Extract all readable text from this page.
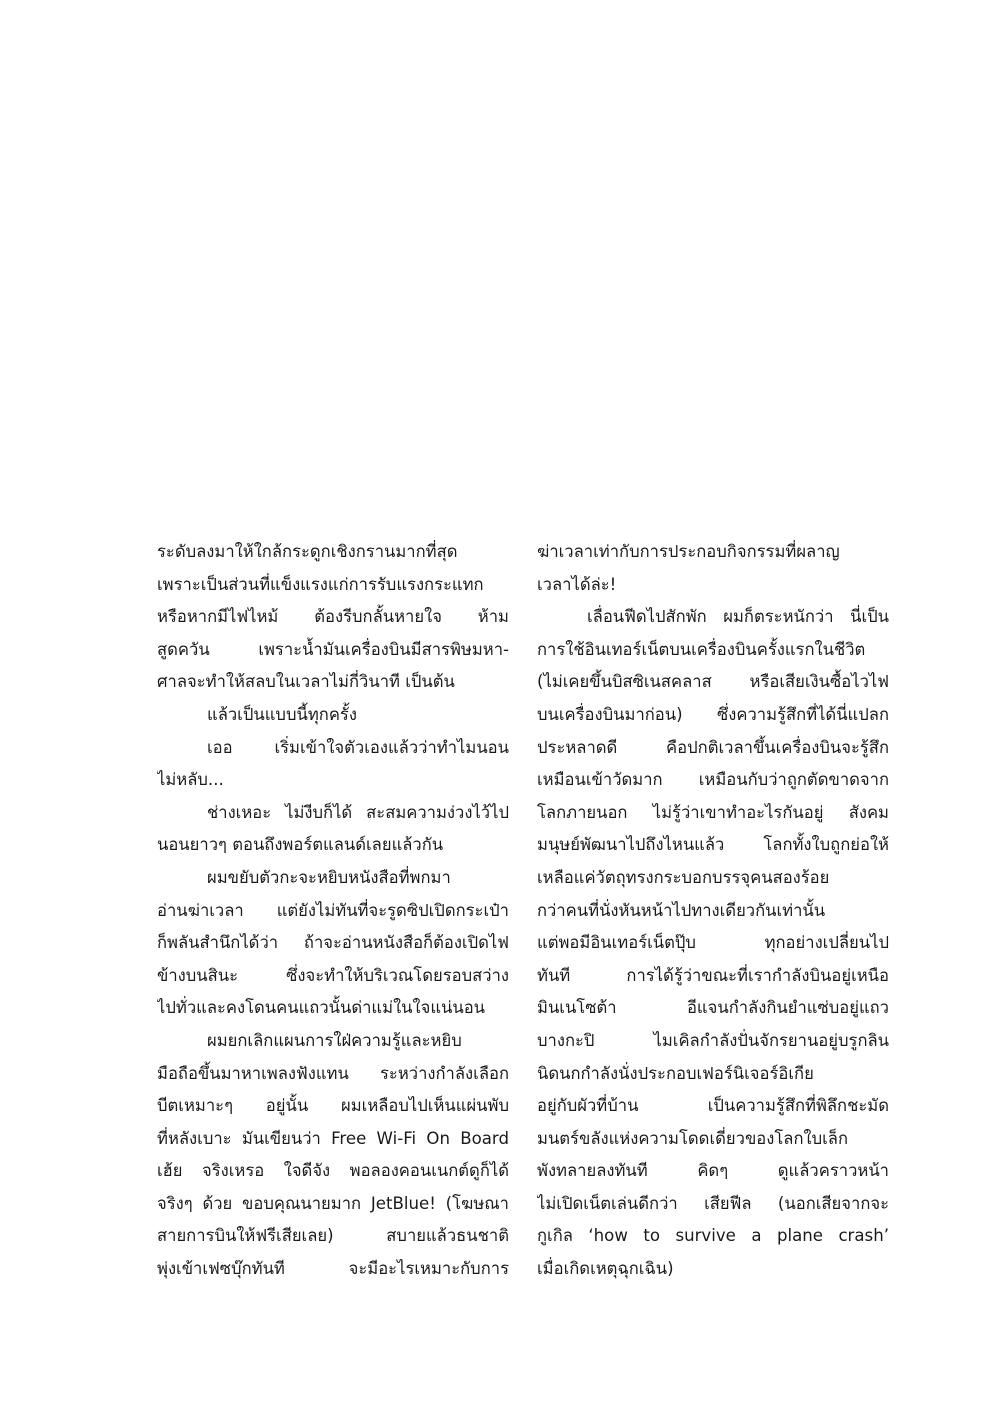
ระดับลงมาให้ใกล้กระดูกเชิงกรานมากที่สุด
เพราะเป็นส่วนที่แข็งแรงแก่การรับแรงกระแทก
หรือหากมีไฟไหม้ ต้องรีบกลั้นหายใจ ห้าม
สูดควัน เพราะน้ำมันเครื่องบินมีสารพิษมหา-
ศาลจะทำให้สลบในเวลาไม่กี่วินาที เป็นต้น
แล้วเป็นแบบนี้ทุกครั้ง
เออ เริ่มเข้าใจตัวเองแล้วว่าทำไมนอน
ไม่หลับ...
ช่างเหอะ ไม่งีบก็ได้ สะสมความง่วงไว้ไป
นอนยาวๆ ตอนถึงพอร์ตแลนด์เลยแล้วกัน
ผมขยับตัวกะจะหยิบหนังสือที่พกมา
อ่านฆ่าเวลา แต่ยังไม่ทันที่จะรูดซิปเปิดกระเป๋า
ก็พลันสำนึกได้ว่า ถ้าจะอ่านหนังสือก็ต้องเปิดไฟ
ข้างบนสินะ ซึ่งจะทำให้บริเวณโดยรอบสว่าง
ไปทั่วและคงโดนคนแถวนั้นด่าแม่ในใจแน่นอน
ผมยกเลิกแผนการใฝ่ความรู้และหยิบ
มือถือขึ้นมาหาเพลงฟังแทน ระหว่างกำลังเลือก
บีตเหมาะๆ อยู่นั้น ผมเหลือบไปเห็นแผ่นพับ
ที่หลังเบาะ มันเขียนว่า Free Wi-Fi On Board
เฮ้ย จริงเหรอ ใจดีจัง พอลองคอนเนกต์ดูก็ได้
จริงๆ ด้วย ขอบคุณนายมาก JetBlue! (โฆษณา
สายการบินให้ฟรีเสียเลย) สบายแล้วธนชาติ
พุ่งเข้าเฟซบุ๊กทันที จะมีอะไรเหมาะกับการ
ฆ่าเวลาเท่ากับการประกอบกิจกรรมที่ผลาญ
เวลาได้ล่ะ!
เลื่อนฟีดไปสักพัก ผมก็ตระหนักว่า นี่เป็น
การใช้อินเทอร์เน็ตบนเครื่องบินครั้งแรกในชีวิต
(ไม่เคยขึ้นบิสซิเนสคลาส หรือเสียเงินซื้อไวไฟ
บนเครื่องบินมาก่อน) ซึ่งความรู้สึกที่ได้นี่แปลก
ประหลาดดี คือปกติเวลาขึ้นเครื่องบินจะรู้สึก
เหมือนเข้าวัดมาก เหมือนกับว่าถูกตัดขาดจาก
โลกภายนอก ไม่รู้ว่าเขาทำอะไรกันอยู่ สังคม
มนุษย์พัฒนาไปถึงไหนแล้ว โลกทั้งใบถูกย่อให้
เหลือแค่วัตถุทรงกระบอกบรรจุคนสองร้อย
กว่าคนที่นั่งหันหน้าไปทางเดียวกันเท่านั้น
แต่พอมีอินเทอร์เน็ตปุ๊บ ทุกอย่างเปลี่ยนไป
ทันที การได้รู้ว่าขณะที่เรากำลังบินอยู่เหนือ
มินเนโซต้า อีแจนกำลังกินยำแซ่บอยู่แถว
บางกะปิ ไมเคิลกำลังปั่นจักรยานอยู่บรูกลิน
นิดนกกำลังนั่งประกอบเฟอร์นิเจอร์อิเกีย
อยู่กับผัวที่บ้าน เป็นความรู้สึกที่พิลึกชะมัด
มนตร์ขลังแห่งความโดดเดี่ยวของโลกใบเล็ก
พังทลายลงทันที คิดๆ ดูแล้วคราวหน้า
ไม่เปิดเน็ตเล่นดีกว่า เสียฟีล (นอกเสียจากจะ
กูเกิล ‘how to survive a plane crash’
เมื่อเกิดเหตุฉุกเฉิน)
